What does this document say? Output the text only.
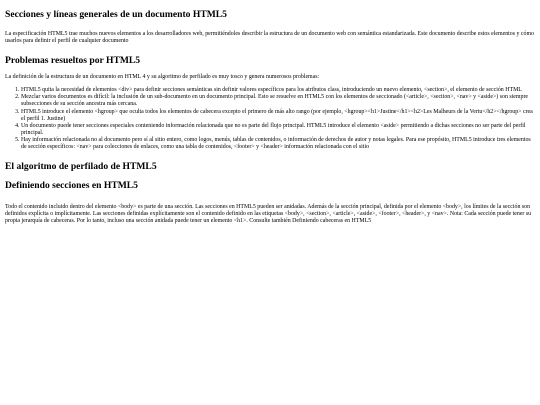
Secciones y líneas generales de un documento HTML5

La especificación HTML5 trae muchos nuevos elementos a los desarrolladores web, permitiéndoles describir la estructura de un documento web con semántica estandarizada. Este documento describe estos elementos y cómo usarlos para definir el perfil de cualquier documento

Problemas resueltos por HTML5

La definición de la estructura de un documento en HTML 4 y su algoritmo de perfilado es muy tosco y genera numerosos problemas:

1. HTML5 quita la necesidad de elementos <div> para definir secciones semánticas sin definir valores específicos para los atributos class, introduciendo un nuevo elemento, <section>, el elemento de sección HTML
2. Mezclar varios documentos es difícil: la inclusión de un sub-documento en un documento principal. Esto se resuelve en HTML5 con los elementos de seccionado (<article>, <section>, <nav> y <aside>) son siempre subsecciones de su sección ancestra más cercana.
3. HTML5 introduce el elemento <hgroup> que oculta todos los elementos de cabecera excepto el primero de más alto rango (por ejemplo, <hgroup><h1>Justine</h1><h2>Les Malheurs de la Vertu</h2></hgroup> crea el perfil 1. Justine)
4. Un documento puede tener secciones especiales conteniendo información relacionada que no es parte del flujo principal. HTML5 introduce el elemento <aside> permitiendo a dichas secciones no ser parte del perfil principal.
5. Hay información relacionada no al documento pero sí al sitio entero, como logos, menús, tablas de contenidos, o información de derechos de autor y notas legales. Para ese propósito, HTML5 introduce tres elementos de sección específicos: <nav> para colecciones de enlaces, como una tabla de contenidos, <footer> y <header> información relacionada con el sitio
El algoritmo de perfilado de HTML5
Definiendo secciones en HTML5

Todo el contenido incluido dentro del elemento <body> es parte de una sección. Las secciones en HTML5 pueden ser anidadas. Además de la sección principal, definida por el elemento <body>, los límites de la sección son definidos explícita o implícitamente. Las secciones definidas explícitamente son el contenido definido en las etiquetas <body>, <section>, <article>, <aside>, <footer>, <header>, y <nav>. Nota: Cada sección puede tener su propia jerarquía de cabeceras. Por lo tanto, incluso una sección anidada puede tener un elemento <h1>. Consulte también Definiendo cabeceras en HTML5
